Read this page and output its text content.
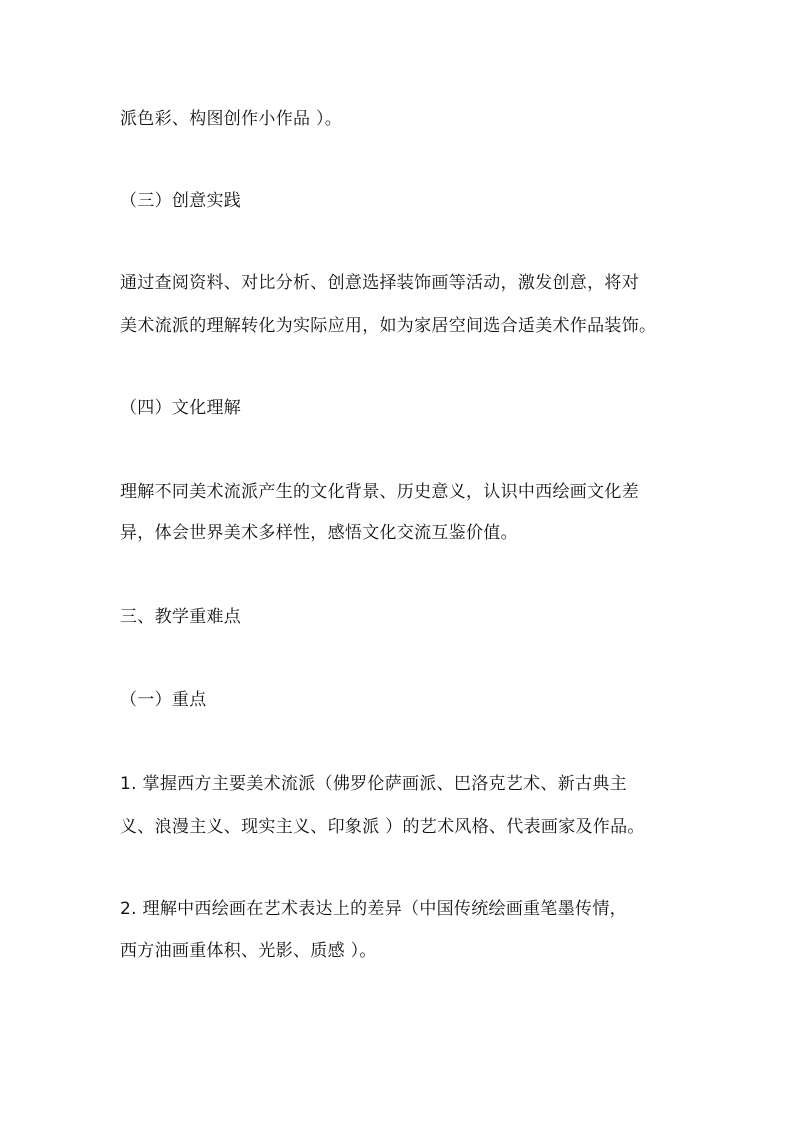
派色彩、构图创作小作品 ）。
（三）创意实践
通过查阅资料、对比分析、创意选择装饰画等活动，激发创意，将对
美术流派的理解转化为实际应用，如为家居空间选合适美术作品装饰。
（四）文化理解
理解不同美术流派产生的文化背景、历史意义，认识中西绘画文化差
异，体会世界美术多样性，感悟文化交流互鉴价值。
三、教学重难点
（一）重点
1. 掌握西方主要美术流派（佛罗伦萨画派、巴洛克艺术、新古典主
义、浪漫主义、现实主义、印象派 ）的艺术风格、代表画家及作品。
2. 理解中西绘画在艺术表达上的差异（中国传统绘画重笔墨传情，
西方油画重体积、光影、质感 ）。
